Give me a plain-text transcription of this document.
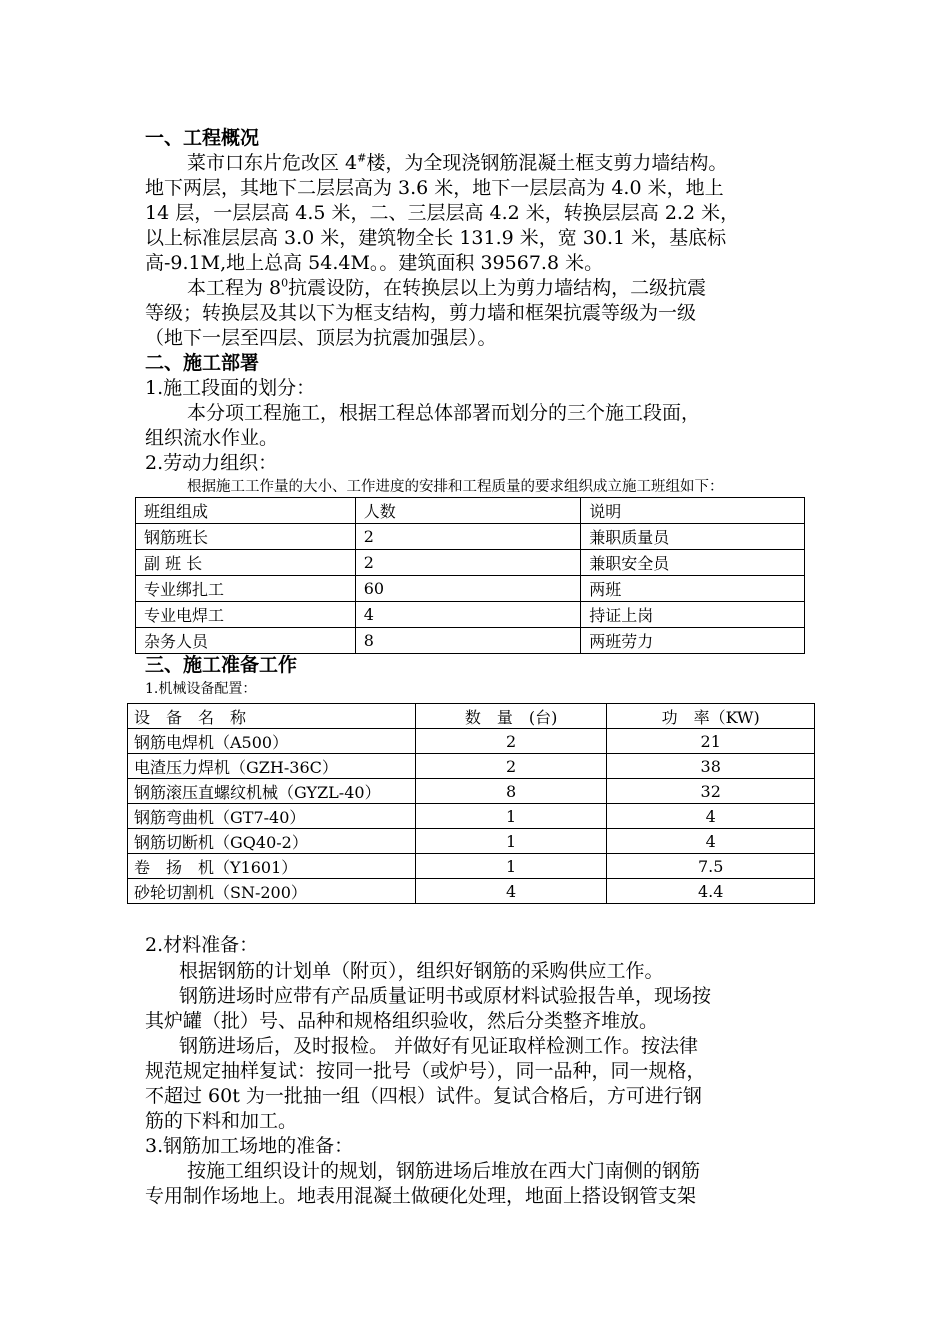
一、工程概况
菜市口东片危改区 4#楼，为全现浇钢筋混凝土框支剪力墙结构。
地下两层，其地下二层层高为 3.6 米，地下一层层高为 4.0 米，地上
14 层，一层层高 4.5 米，二、三层层高 4.2 米，转换层层高 2.2 米，
以上标准层层高 3.0 米，建筑物全长 131.9 米，宽 30.1 米，基底标
高-9.1M,地上总高 54.4M。。建筑面积 39567.8 米。
本工程为 $8^0$抗震设防，在转换层以上为剪力墙结构，二级抗震
等级；转换层及其以下为框支结构，剪力墙和框架抗震等级为一级
（地下一层至四层、顶层为抗震加强层）。
二、施工部署
1.施工段面的划分：
本分项工程施工，根据工程总体部署而划分的三个施工段面，
组织流水作业。
2.劳动力组织：
根据施工工作量的大小、工作进度的安排和工程质量的要求组织成立施工班组如下：
班组组成	人数	说明
钢筋班长	2	兼职质量员
副 班 长	2	兼职安全员
专业绑扎工	60	两班
专业电焊工	4	持证上岗
杂务人员	8	两班劳力
三、施工准备工作
1.机械设备配置：
设　备　名　称	数　量　(台)	功　率（KW)
钢筋电焊机（A500）	2	21
电渣压力焊机（GZH-36C）	2	38
钢筋滚压直螺纹机械（GYZL-40）	8	32
钢筋弯曲机（GT7-40）	1	4
钢筋切断机（GQ40-2）	1	4
卷　扬　机（Y1601）	1	7.5
砂轮切割机（SN-200）	4	4.4
2.材料准备：
根据钢筋的计划单（附页），组织好钢筋的采购供应工作。
钢筋进场时应带有产品质量证明书或原材料试验报告单，现场按
其炉罐（批）号、品种和规格组织验收，然后分类整齐堆放。
钢筋进场后，及时报检。 并做好有见证取样检测工作。按法律
规范规定抽样复试：按同一批号（或炉号），同一品种，同一规格，
不超过 60t 为一批抽一组（四根）试件。复试合格后，方可进行钢
筋的下料和加工。
3.钢筋加工场地的准备：
按施工组织设计的规划，钢筋进场后堆放在西大门南侧的钢筋
专用制作场地上。地表用混凝土做硬化处理，地面上搭设钢管支架
